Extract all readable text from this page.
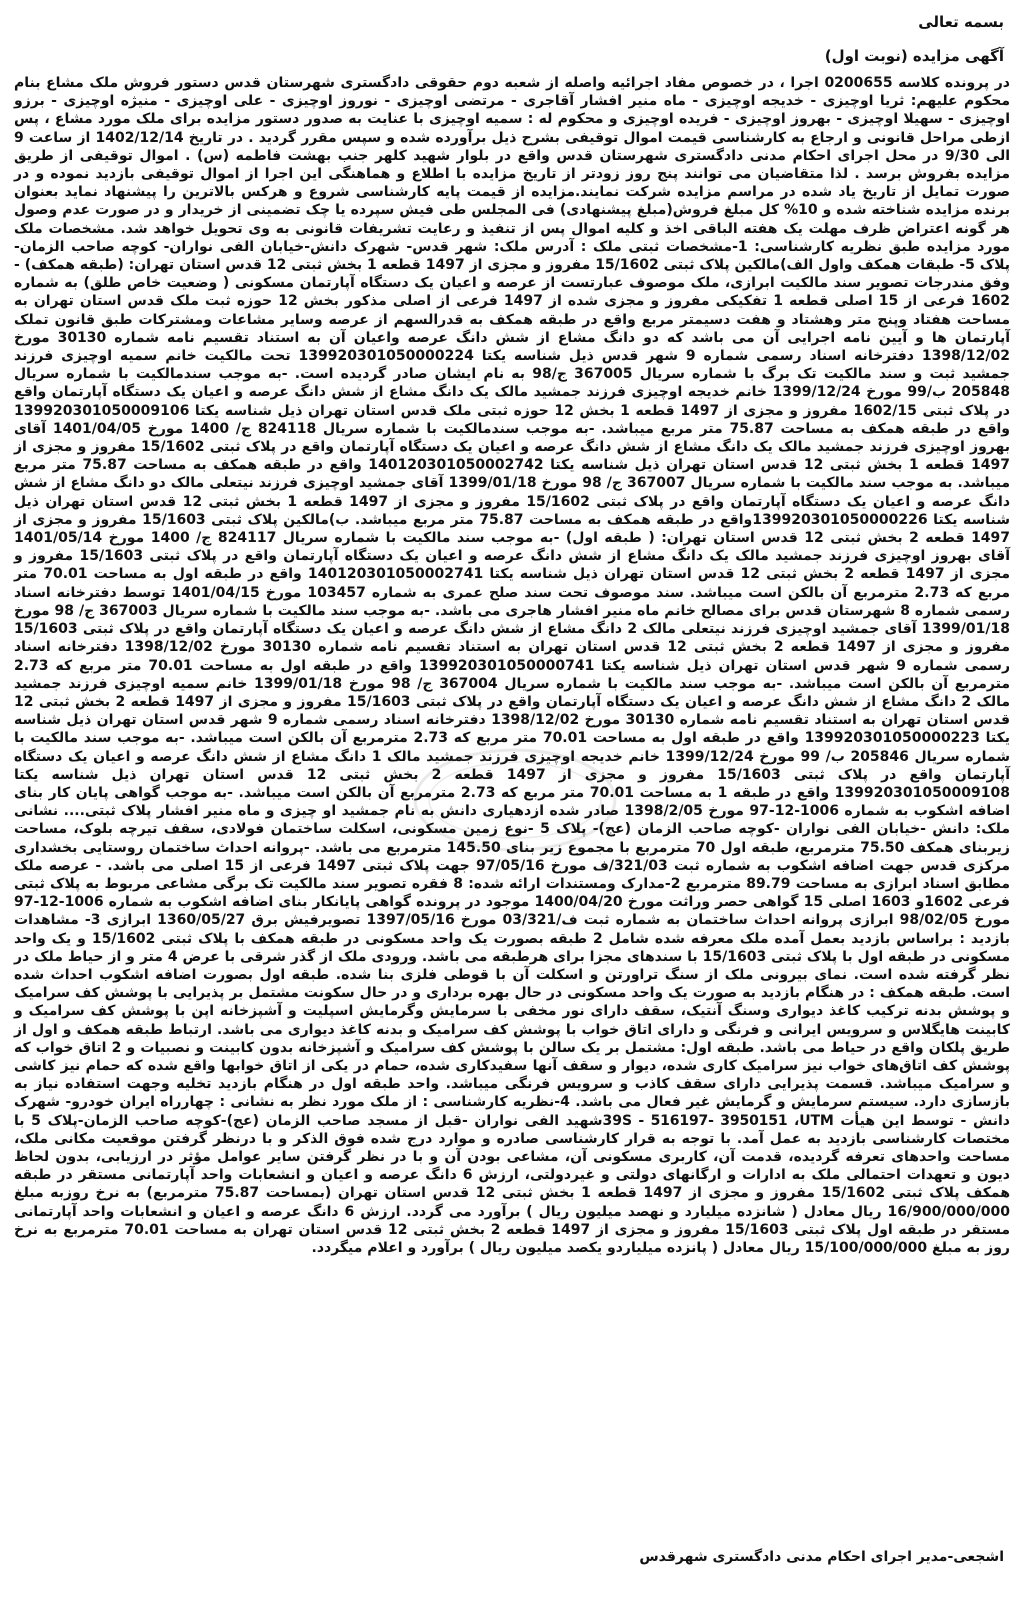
بسمه تعالی
آگهی مزایده (نوبت اول)

در پرونده کلاسه 0200655 اجرا ، در خصوص مفاد اجرائیه واصله از شعبه دوم حقوقی دادگستری شهرستان قدس دستور فروش ملک مشاع بنام محکوم علیهم: ثریا اوچیزی - خدیجه اوچیزی - ماه منیر افشار آقاجری - مرتضی اوچیزی - نوروز اوچیزی - علی اوچیزی - منیژه اوچیزی - برزو اوچیزی - سهیلا اوچیزی - بهروز اوچیزی - فریده اوچیزی و محکوم له : سمیه اوچیزی با عنایت به صدور دستور مزایده برای ملک مورد مشاع ، پس ازطی مراحل قانونی و ارجاع به کارشناسی قیمت اموال توقیفی بشرح ذیل برآورده شده و سپس مقرر گردید . در تاریخ 1402/12/14 از ساعت 9 الی 9/30 در محل اجرای احکام مدنی دادگستری شهرستان قدس واقع در بلوار شهید کلهر جنب بهشت فاطمه (س) . اموال توقیفی از طریق مزایده بفروش برسد . لذا متقاضیان می توانند پنج روز زودتر از تاریخ مزایده با اطلاع و هماهنگی این اجرا از اموال توقیفی بازدید نموده و در صورت تمایل از تاریخ یاد شده در مراسم مزایده شرکت نمایند.مزایده از قیمت پایه کارشناسی شروع و هرکس بالاترین را پیشنهاد نماید بعنوان برنده مزایده شناخته شده و 10% کل مبلغ فروش(مبلغ پیشنهادی) فی المجلس طی فیش سپرده یا چک تضمینی از خریدار و در صورت عدم وصول هر گونه اعتراض ظرف مهلت یک هفته الباقی اخذ و کلیه اموال پس از تنفیذ و رعایت تشریفات قانونی به وی تحویل خواهد شد. مشخصات ملک مورد مزایده طبق نظریه کارشناسی: 1-مشخصات ثبتی ملک : آدرس ملک: شهر قدس- شهرک دانش-خیابان الفی نواران- کوچه صاحب الزمان- پلاک 5- طبقات همکف واول الف)مالکین پلاک ثبتی 15/1602 مفروز و مجزی از 1497 قطعه 1 بخش ثبتی 12 قدس استان تهران: (طبقه همکف) - وفق مندرجات تصویر سند مالکیت ابرازی، ملک موصوف عبارتست از عرصه و اعیان یک دستگاه آپارتمان مسکونی ( وضعیت خاص طلق) به شماره 1602 فرعی از 15 اصلی قطعه 1 تفکیکی مفروز و مجزی شده از 1497 فرعی از اصلی مذکور بخش 12 حوزه ثبت ملک قدس استان تهران به مساحت هفتاد وپنج متر وهشتاد و هفت دسیمتر مربع واقع در طبقه همکف به قدرالسهم از عرصه وسایر مشاعات ومشترکات طبق قانون تملک آپارتمان ها و آیین نامه اجرایی آن می باشد که دو دانگ مشاع از شش دانگ عرصه واعیان آن به استناد تقسیم نامه شماره 30130 مورخ 1398/12/02 دفترخانه اسناد رسمی شماره 9 شهر قدس ذیل شناسه یکتا 139920301050000224 تحت مالکیت خانم سمیه اوچیزی فرزند جمشید ثبت و سند مالکیت تک برگ با شماره سریال 367005 ج/98 به نام ایشان صادر گردیده است. -به موجب سندمالکیت با شماره سریال 205848 ب/99 مورخ 1399/12/24 خانم خدیجه اوچیزی فرزند جمشید مالک یک دانگ مشاع از شش دانگ عرصه و اعیان یک دستگاه آپارتمان واقع در پلاک ثبتی 1602/15 مفروز و مجزی از 1497 قطعه 1 بخش 12 حوزه ثبتی ملک قدس استان تهران ذیل شناسه یکتا 139920301050009106 واقع در طبقه همکف به مساحت 75.87 متر مربع میباشد. -به موجب سندمالکیت با شماره سریال 824118 ج/ 1400 مورخ 1401/04/05 آقای بهروز اوچیزی فرزند جمشید مالک یک دانگ مشاع از شش دانگ عرصه و اعیان یک دستگاه آپارتمان واقع در پلاک ثبتی 15/1602 مفروز و مجزی از 1497 قطعه 1 بخش ثبتی 12 قدس استان تهران ذیل شناسه یکتا 140120301050002742 واقع در طبقه همکف به مساحت 75.87 متر مربع میباشد. به موجب سند مالکیت با شماره سریال 367007 ج/ 98 مورخ 1399/01/18 آقای جمشید اوچیزی فرزند نیتعلی مالک دو دانگ مشاع از شش دانگ عرصه و اعیان یک دستگاه آپارتمان واقع در پلاک ثبتی 15/1602 مفروز و مجزی از 1497 قطعه 1 بخش ثبتی 12 قدس استان تهران ذیل شناسه یکتا 139920301050000226واقع در طبقه همکف به مساحت 75.87 متر مربع میباشد. ب)مالکین پلاک ثبتی 15/1603 مفروز و مجزی از 1497 قطعه 2 بخش ثبتی 12 قدس استان تهران: ( طبقه اول) -به موجب سند مالکیت با شماره سریال 824117 ج/ 1400 مورخ 1401/05/14 آقای بهروز اوچیزی فرزند جمشید مالک یک دانگ مشاع از شش دانگ عرصه و اعیان یک دستگاه آپارتمان واقع در پلاک ثبتی 15/1603 مفروز و مجزی از 1497 قطعه 2 بخش ثبتی 12 قدس استان تهران ذیل شناسه یکتا 140120301050002741 واقع در طبقه اول به مساحت 70.01 متر مربع که 2.73 مترمربع آن بالکن است میباشد. سند موصوف تحت سند صلح عمری به شماره 103457 مورخ 1401/04/15 توسط دفترخانه اسناد رسمی شماره 8 شهرستان قدس برای مصالح خانم ماه منیر افشار هاجری می باشد. -به موجب سند مالکیت با شماره سریال 367003 ج/ 98 مورخ 1399/01/18 آقای جمشید اوچیزی فرزند نیتعلی مالک 2 دانگ مشاع از شش دانگ عرصه و اعیان یک دستگاه آپارتمان واقع در پلاک ثبتی 15/1603 مفروز و مجزی از 1497 قطعه 2 بخش ثبتی 12 قدس استان تهران به استناد تقسیم نامه شماره 30130 مورخ 1398/12/02 دفترخانه اسناد رسمی شماره 9 شهر قدس استان تهران ذیل شناسه یکتا 139920301050000741 واقع در طبقه اول به مساحت 70.01 متر مربع که 2.73 مترمربع آن بالکن است میباشد. -به موجب سند مالکیت با شماره سریال 367004 ج/ 98 مورخ 1399/01/18 خانم سمیه اوچیزی فرزند جمشید مالک 2 دانگ مشاع از شش دانگ عرصه و اعیان یک دستگاه آپارتمان واقع در پلاک ثبتی 15/1603 مفروز و مجزی از 1497 قطعه 2 بخش ثبتی 12 قدس استان تهران به استناد تقسیم نامه شماره 30130 مورخ 1398/12/02 دفترخانه اسناد رسمی شماره 9 شهر قدس استان تهران ذیل شناسه یکتا 139920301050000223 واقع در طبقه اول به مساحت 70.01 متر مربع که 2.73 مترمربع آن بالکن است میباشد. -به موجب سند مالکیت با شماره سریال 205846 ب/ 99 مورخ 1399/12/24 خانم خدیجه اوچیزی فرزند جمشید مالک 1 دانگ مشاع از شش دانگ عرصه و اعیان یک دستگاه آپارتمان واقع در پلاک ثبتی 15/1603 مفروز و مجزی از 1497 قطعه 2 بخش ثبتی 12 قدس استان تهران ذیل شناسه یکتا 139920301050009108 واقع در طبقه 1 به مساحت 70.01 متر مربع که 2.73 مترمربع آن بالکن است میباشد. -به موجب گواهی پایان کار بنای اضافه اشکوب به شماره 1006-12-97 مورخ 1398/2/05 صادر شده ازدهیاری دانش به نام جمشید او چیزی و ماه منیر افشار پلاک ثبتی.... نشانی ملک: دانش -خیابان الفی نواران -کوچه صاحب الزمان (عج)- پلاک 5 -نوع زمین مسکونی، اسکلت ساختمان فولادی، سقف تیرچه بلوک، مساحت زیربنای همکف 75.50 مترمربع، طبقه اول 70 مترمربع با مجموع زیر بنای 145.50 مترمربع می باشد. -پروانه احداث ساختمان روستایی بخشداری مرکزی قدس جهت اضافه اشکوب به شماره ثبت 321/03/ف مورخ 97/05/16 جهت پلاک ثبتی 1497 فرعی از 15 اصلی می باشد. - عرصه ملک مطابق اسناد ابرازی به مساحت 89.79 مترمربع 2-مدارک ومستندات ارائه شده: 8 فقره تصویر سند مالکیت تک برگی مشاعی مربوط به پلاک ثبتی فرعی 1602و 1603 اصلی 15 گواهی حصر وراثت مورخ 1400/04/20 موجود در پرونده گواهی پایانکار بنای اضافه اشکوب به شماره 1006-12-97 مورخ 98/02/05 ابرازی پروانه احداث ساختمان به شماره ثبت ف/03/321 مورخ 1397/05/16 تصویرفیش برق 1360/05/27 ابرازی 3- مشاهدات بازدید : براساس بازدید بعمل آمده ملک معرفه شده شامل 2 طبقه بصورت یک واحد مسکونی در طبقه همکف با پلاک ثبتی 15/1602 و یک واحد مسکونی در طبقه اول با پلاک ثبتی 15/1603 با سندهای مجزا برای هرطبقه می باشد. ورودی ملک از گذر شرقی با عرض 4 متر و از حیاط ملک در نظر گرفته شده است. نمای بیرونی ملک از سنگ تراورتن و اسکلت آن با قوطی فلزی بنا شده. طبقه اول بصورت اضافه اشکوب احداث شده است. طبقه همکف : در هنگام بازدید به صورت یک واحد مسکونی در حال بهره برداری و در حال سکونت مشتمل بر پذیرایی با پوشش کف سرامیک و پوشش بدنه ترکیب کاغذ دیواری وسنگ آنتیک، سقف دارای نور مخفی با سرمایش وگرمایش اسپلیت و آشپزخانه اپن با پوشش کف سرامیک و کابینت هایگلاس و سرویس ایرانی و فرنگی و دارای اتاق خواب با پوشش کف سرامیک و بدنه کاغذ دیواری می باشد. ارتباط طبقه همکف و اول از طریق پلکان واقع در حیاط می باشد. طبقه اول: مشتمل بر یک سالن با پوشش کف سرامیک و آشپزخانه بدون کابینت و نصبیات و 2 اتاق خواب که پوشش کف اتاق‌های خواب نیز سرامیک کاری شده، دیوار و سقف آنها سفیدکاری شده، حمام در یکی از اتاق خوابها واقع شده که حمام نیز کاشی و سرامیک میباشد. قسمت پذیرایی دارای سقف کاذب و سرویس فرنگی میباشد. واحد طبقه اول در هنگام بازدید تخلیه وجهت استفاده نیاز به بازسازی دارد. سیستم سرمایش و گرمایش غیر فعال می باشد. 4-نظریه کارشناسی : از ملک مورد نظر به نشانی : چهارراه ایران خودرو- شهرک دانش - توسط این هیأت 39S - 516197- 3950151 ،UTMشهید الفی نواران -قبل از مسجد صاحب الزمان (عج)-کوچه صاحب الزمان-پلاک 5 با مختصات کارشناسی بازدید به عمل آمد. با توجه به قرار کارشناسی صادره و موارد درج شده فوق الذکر و با درنظر گرفتن موقعیت مکانی ملک، مساحت واحدهای تعرفه گردیده، قدمت آن، کاربری مسکونی آن، مشاعی بودن آن و با در نظر گرفتن سایر عوامل مؤثر در ارزیابی، بدون لحاظ دیون و تعهدات احتمالی ملک به ادارات و ارگانهای دولتی و غیردولتی، ارزش 6 دانگ عرصه و اعیان و انشعابات واحد آپارتمانی مستقر در طبقه همکف پلاک ثبتی 15/1602 مفروز و مجزی از 1497 قطعه 1 بخش ثبتی 12 قدس استان تهران (بمساحت 75.87 مترمربع) به نرخ روزبه مبلغ 16/900/000/000 ریال معادل ( شانزده میلیارد و نهصد میلیون ریال ) برآورد می گردد. ارزش 6 دانگ عرصه و اعیان و انشعابات واحد آپارتمانی مستقر در طبقه اول پلاک ثبتی 15/1603 مفروز و مجزی از 1497 قطعه 2 بخش ثبتی 12 قدس استان تهران به مساحت 70.01 مترمربع به نرخ روز به مبلغ 15/100/000/000 ریال معادل ( پانزده میلیاردو یکصد میلیون ریال ) برآورد و اعلام میگردد.

اشجعی-مدیر اجرای احکام مدنی دادگستری شهرقدس
